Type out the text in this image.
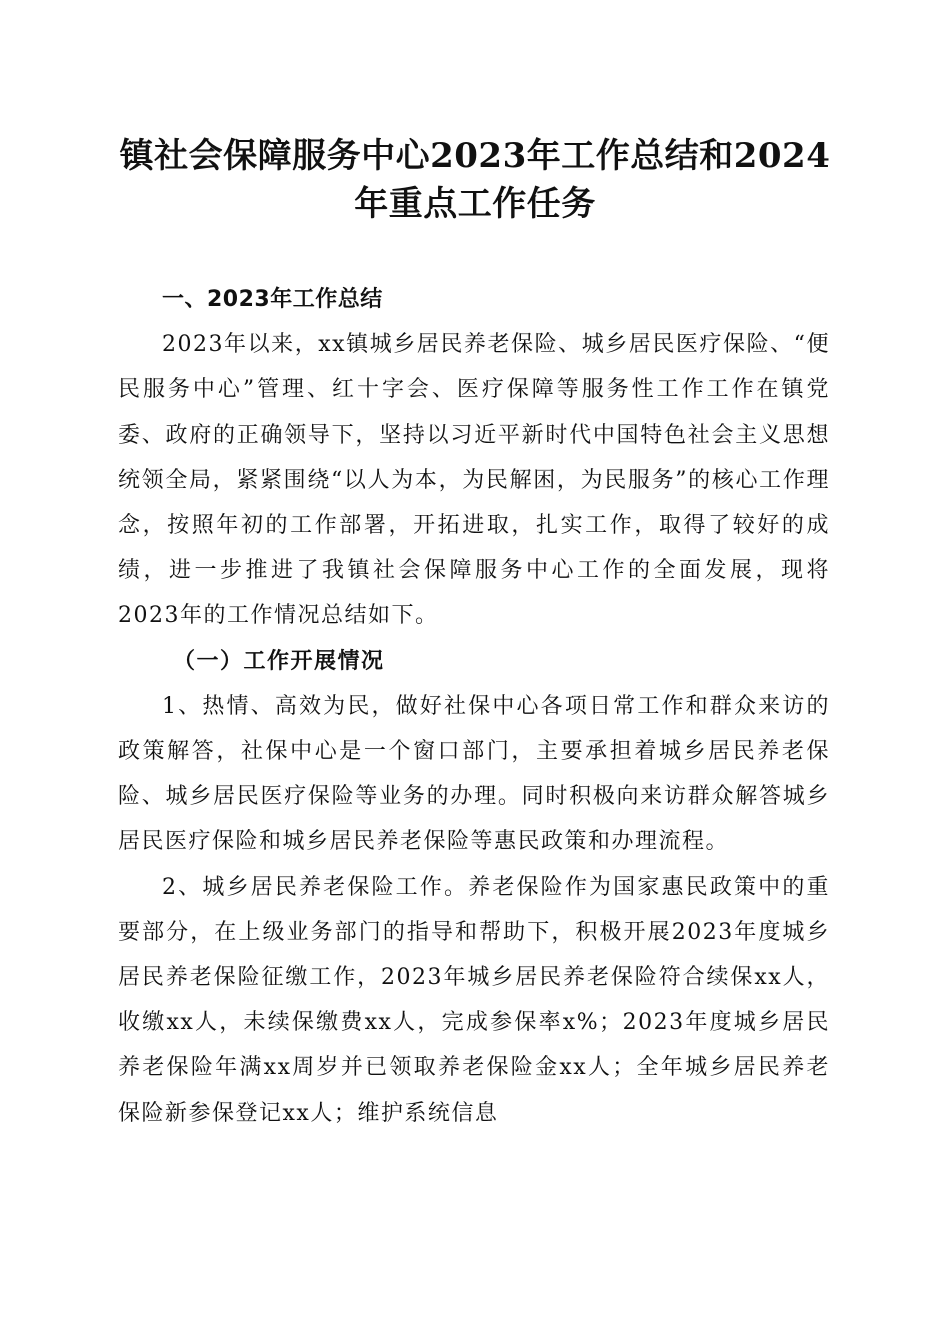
镇社会保障服务中心2023年工作总结和2024
年重点工作任务

一、2023年工作总结

2023年以来，xx镇城乡居民养老保险、城乡居民医疗保险、“便民服务中心”管理、红十字会、医疗保障等服务性工作工作在镇党委、政府的正确领导下，坚持以习近平新时代中国特色社会主义思想统领全局，紧紧围绕“以人为本，为民解困，为民服务”的核心工作理念，按照年初的工作部署，开拓进取，扎实工作，取得了较好的成绩，进一步推进了我镇社会保障服务中心工作的全面发展，现将2023年的工作情况总结如下。

（一）工作开展情况

1、热情、高效为民，做好社保中心各项日常工作和群众来访的政策解答，社保中心是一个窗口部门，主要承担着城乡居民养老保险、城乡居民医疗保险等业务的办理。同时积极向来访群众解答城乡居民医疗保险和城乡居民养老保险等惠民政策和办理流程。

2、城乡居民养老保险工作。养老保险作为国家惠民政策中的重要部分，在上级业务部门的指导和帮助下，积极开展2023年度城乡居民养老保险征缴工作，2023年城乡居民养老保险符合续保xx人，收缴xx人，未续保缴费xx人，完成参保率x%；2023年度城乡居民养老保险年满xx周岁并已领取养老保险金xx人；全年城乡居民养老保险新参保登记xx人；维护系统信息
